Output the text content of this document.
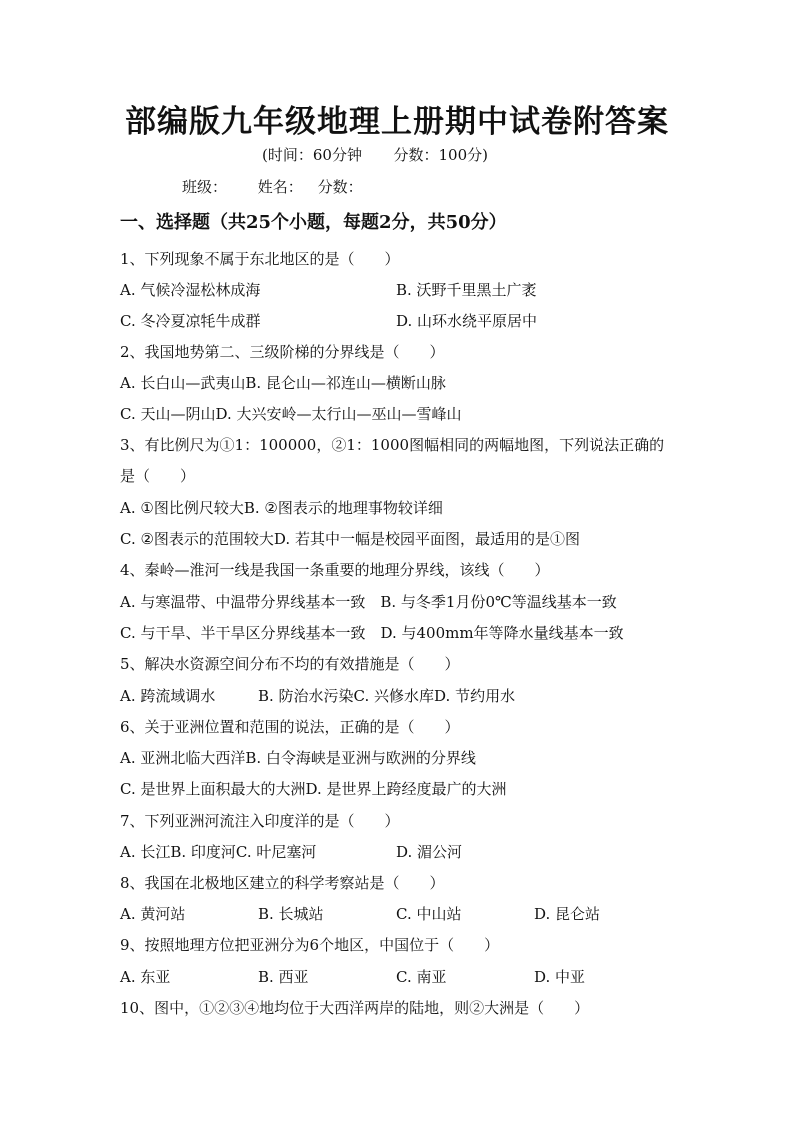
部编版九年级地理上册期中试卷附答案
(时间：60分钟 分数：100分)
班级： 姓名： 分数：
一、选择题（共25个小题，每题2分，共50分）
1、下列现象不属于东北地区的是（　　）
A. 气候冷湿松林成海	B. 沃野千里黑土广袤
C. 冬冷夏凉牦牛成群	D. 山环水绕平原居中
2、我国地势第二、三级阶梯的分界线是（　　）
A. 长白山—武夷山B. 昆仑山—祁连山—横断山脉
C. 天山—阴山D. 大兴安岭—太行山—巫山—雪峰山
3、有比例尺为①1：100000，②1：1000图幅相同的两幅地图，下列说法正确的
是（　　）
A. ①图比例尺较大B. ②图表示的地理事物较详细
C. ②图表示的范围较大D. 若其中一幅是校园平面图，最适用的是①图
4、秦岭—淮河一线是我国一条重要的地理分界线，该线（　　）
A. 与寒温带、中温带分界线基本一致　B. 与冬季1月份0℃等温线基本一致
C. 与干旱、半干旱区分界线基本一致　D. 与400mm年等降水量线基本一致
5、解决水资源空间分布不均的有效措施是（　　）
A. 跨流域调水	B. 防治水污染C. 兴修水库D. 节约用水
6、关于亚洲位置和范围的说法，正确的是（　　）
A. 亚洲北临大西洋B. 白令海峡是亚洲与欧洲的分界线
C. 是世界上面积最大的大洲D. 是世界上跨经度最广的大洲
7、下列亚洲河流注入印度洋的是（　　）
A. 长江B. 印度河C. 叶尼塞河	D. 湄公河
8、我国在北极地区建立的科学考察站是（　　）
A. 黄河站	B. 长城站	C. 中山站	D. 昆仑站
9、按照地理方位把亚洲分为6个地区，中国位于（　　）
A. 东亚	B. 西亚	C. 南亚	D. 中亚
10、图中，①②③④地均位于大西洋两岸的陆地，则②大洲是（　　）
